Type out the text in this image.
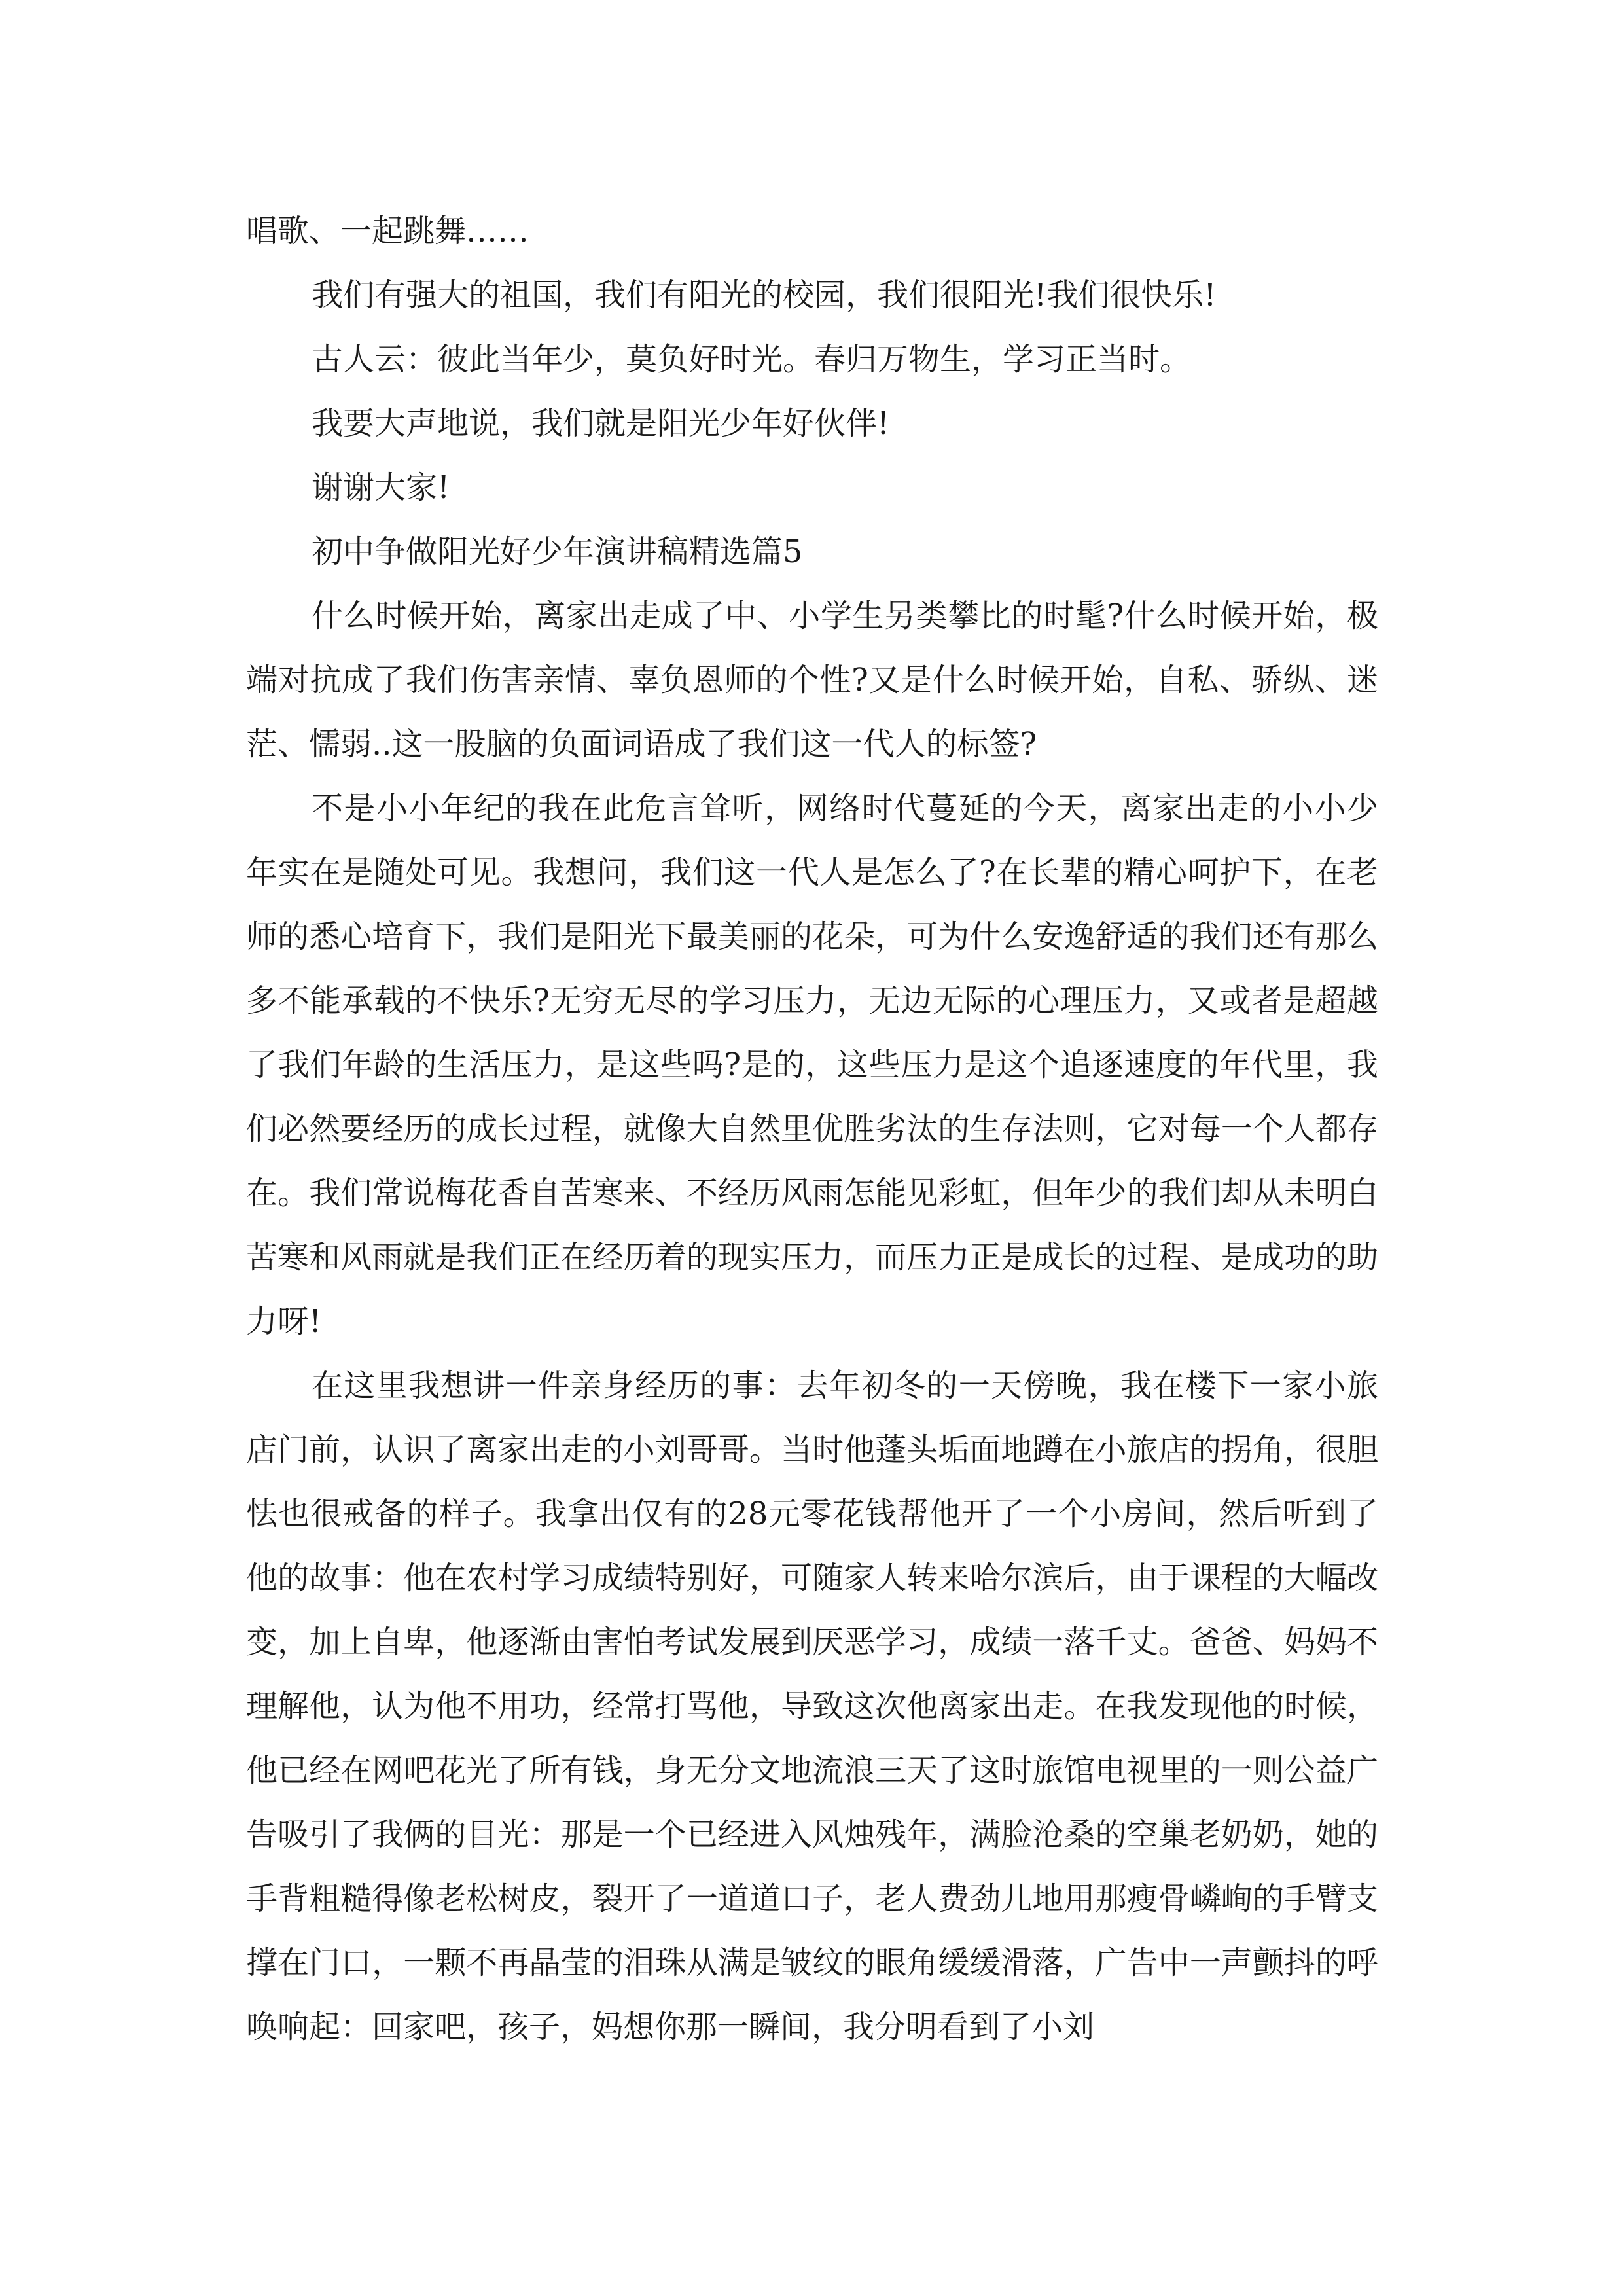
唱歌、一起跳舞……

我们有强大的祖国，我们有阳光的校园，我们很阳光!我们很快乐!

古人云：彼此当年少，莫负好时光。春归万物生，学习正当时。

我要大声地说，我们就是阳光少年好伙伴!

谢谢大家!

初中争做阳光好少年演讲稿精选篇5

什么时候开始，离家出走成了中、小学生另类攀比的时髦?什么时候开始，极端对抗成了我们伤害亲情、辜负恩师的个性?又是什么时候开始，自私、骄纵、迷茫、懦弱..这一股脑的负面词语成了我们这一代人的标签?

不是小小年纪的我在此危言耸听，网络时代蔓延的今天，离家出走的小小少年实在是随处可见。我想问，我们这一代人是怎么了?在长辈的精心呵护下，在老师的悉心培育下，我们是阳光下最美丽的花朵，可为什么安逸舒适的我们还有那么多不能承载的不快乐?无穷无尽的学习压力，无边无际的心理压力，又或者是超越了我们年龄的生活压力，是这些吗?是的，这些压力是这个追逐速度的年代里，我们必然要经历的成长过程，就像大自然里优胜劣汰的生存法则，它对每一个人都存在。我们常说梅花香自苦寒来、不经历风雨怎能见彩虹，但年少的我们却从未明白苦寒和风雨就是我们正在经历着的现实压力，而压力正是成长的过程、是成功的助力呀!

在这里我想讲一件亲身经历的事：去年初冬的一天傍晚，我在楼下一家小旅店门前，认识了离家出走的小刘哥哥。当时他蓬头垢面地蹲在小旅店的拐角，很胆怯也很戒备的样子。我拿出仅有的28元零花钱帮他开了一个小房间，然后听到了他的故事：他在农村学习成绩特别好，可随家人转来哈尔滨后，由于课程的大幅改变，加上自卑，他逐渐由害怕考试发展到厌恶学习，成绩一落千丈。爸爸、妈妈不理解他，认为他不用功，经常打骂他，导致这次他离家出走。在我发现他的时候，他已经在网吧花光了所有钱，身无分文地流浪三天了这时旅馆电视里的一则公益广告吸引了我俩的目光：那是一个已经进入风烛残年，满脸沧桑的空巢老奶奶，她的手背粗糙得像老松树皮，裂开了一道道口子，老人费劲儿地用那瘦骨嶙峋的手臂支撑在门口，一颗不再晶莹的泪珠从满是皱纹的眼角缓缓滑落，广告中一声颤抖的呼唤响起：回家吧，孩子，妈想你那一瞬间，我分明看到了小刘
